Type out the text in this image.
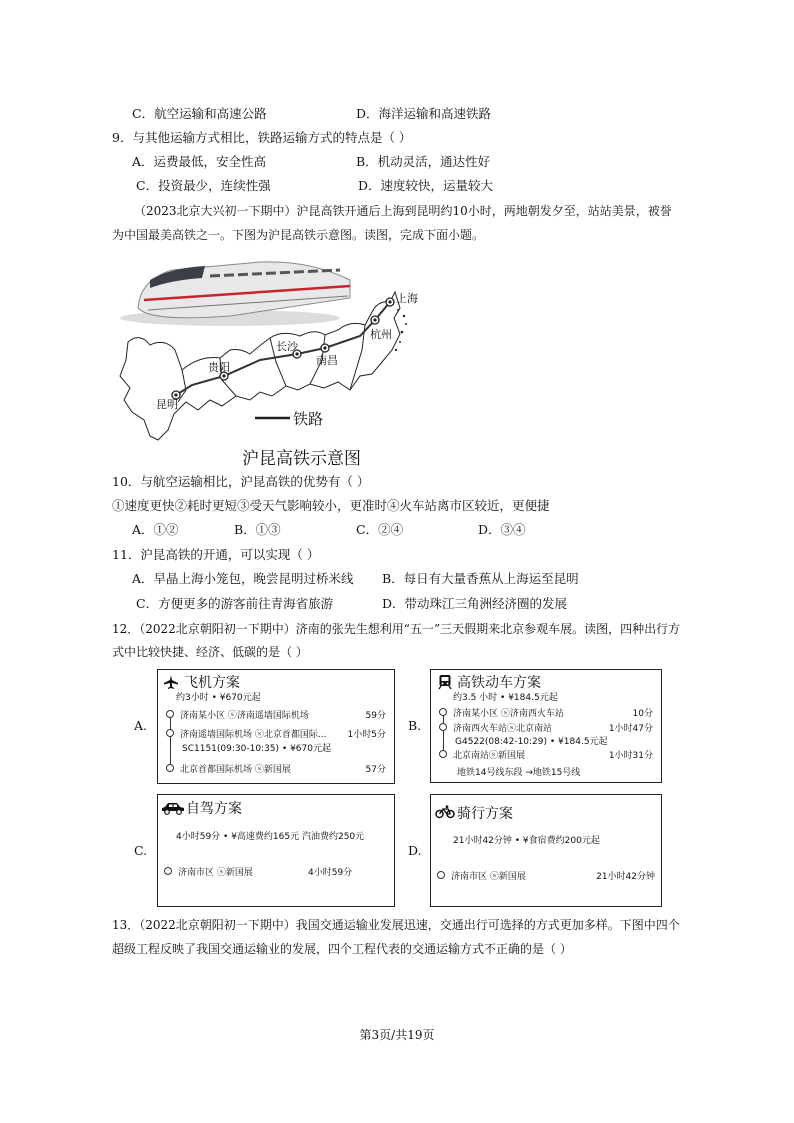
C．航空运输和高速公路	D．海洋运输和高速铁路
9．与其他运输方式相比，铁路运输方式的特点是（ ）
A．运费最低，安全性高	B．机动灵活，通达性好
C．投资最少，连续性强	D．速度较快，运量较大
（2023北京大兴初一下期中）沪昆高铁开通后上海到昆明约10小时，两地朝发夕至，站站美景，被誉
为中国最美高铁之一。下图为沪昆高铁示意图。读图，完成下面小题。
上海
杭州
南昌
长沙
贵阳
昆明
铁路
沪昆高铁示意图
10．与航空运输相比，沪昆高铁的优势有（ ）
①速度更快②耗时更短③受天气影响较小，更准时④火车站离市区较近，更便捷
A．①②	B．①③	C．②④	D．③④
11．沪昆高铁的开通，可以实现（ ）
A．早晶上海小笼包，晚尝昆明过桥米线 B．每日有大量香蕉从上海运至昆明
C．方便更多的游客前往青海省旅游	D．带动珠江三角洲经济圈的发展
12．（2022北京朝阳初一下期中）济南的张先生想利用“五一”三天假期来北京参观车展。读图，四种出行方
式中比较快捷、经济、低碳的是（ ）
A.
飞机方案
约3小时 • ¥670元起
济南某小区 ⓢ济南遥墙国际机场	59分
济南遥墙国际机场 ⓢ北京首都国际... 1小时5分
SC1151(09:30-10:35) • ¥670元起
北京首都国际机场 ⓢ新国展	57分
B.
高铁动车方案
约3.5 小时 • ¥184.5元起
济南某小区 ⓢ济南西火车站	10分
济南西火车站ⓢ北京南站	1小时47分
G4522(08:42-10:29) • ¥184.5元起
北京南站ⓢ新国展	1小时31分
地铁14号线东段 →地铁15号线
C.
自驾方案
4小时59分 • ¥高速费约165元 汽油费约250元
济南市区 ⓢ新国展	4小时59分
D.
骑行方案
21小时42分钟 • ¥食宿费约200元起
济南市区 ⓢ新国展	21小时42分钟
13．（2022北京朝阳初一下期中）我国交通运输业发展迅速，交通出行可选择的方式更加多样。下图中四个
超级工程反映了我国交通运输业的发展，四个工程代表的交通运输方式不正确的是（ ）
第3页/共19页
